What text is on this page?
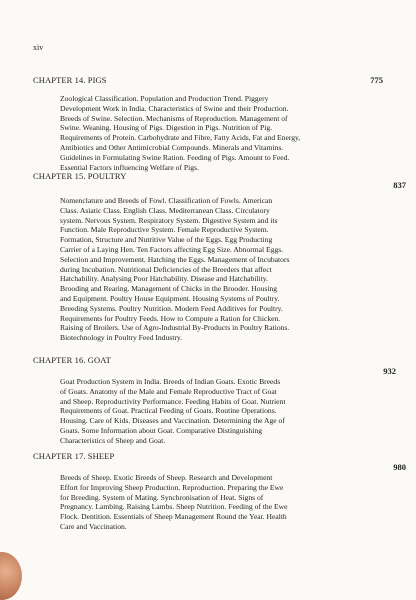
xiv
CHAPTER 14. PIGS	775
Zoological Classification. Population and Production Trend. Piggery
Development Work in India. Characteristics of Swine and their Production.
Breeds of Swine. Selection. Mechanisms of Reproduction. Management of
Swine. Weaning. Housing of Pigs. Digestion in Pigs. Nutrition of Pig.
Requirements of Protein. Carbohydrate and Fibre, Fatty Acids, Fat and Energy,
Antibiotics and Other Antimicrobial Compounds. Minerals and Vitamins.
Guidelines in Formulating Swine Ration. Feeding of Pigs. Amount to Feed.
Essential Factors influencing Welfare of Pigs.
CHAPTER 15. POULTRY
837
Nomenclature and Breeds of Fowl. Classification of Fowls. American
Class. Asiatic Class. English Class. Mediterranean Class. Circulatory
system. Nervous System. Respiratory System. Digestive System and its
Function. Male Reproductive System. Female Reproductive System.
Formation, Structure and Nutritive Value of the Eggs. Egg Producting
Carrier of a Laying Hen. Ten Factors affecting Egg Size. Abnormal Eggs.
Selection and Improvement. Hatching the Eggs. Management of Incubators
during Incubation. Nutritional Deficiencies of the Breeders that affect
Hatchability. Analysing Poor Hatchability. Disease and Hatchability.
Brooding and Rearing. Management of Chicks in the Brooder. Housing
and Equipment. Poultry House Equipment. Housing Systems of Poultry.
Breeding Systems. Poultry Nutrition. Modern Feed Additives for Poultry.
Requirements for Poultry Feeds. How to Compute a Ration for Chicken.
Raising of Broilers. Use of Agro-Industrial By-Products in Poultry Rations.
Biotechnology in Poultry Feed Industry.
CHAPTER 16. GOAT
932
Goat Production System in India. Breeds of Indian Goats. Exotic Breeds
of Goats. Anatomy of the Male and Female Reproductive Tract of Goat
and Sheep. Reproductivity Performance. Feeding Habits of Goat. Nutrient
Requirements of Goat. Practical Feeding of Goats. Routine Operations.
Housing. Care of Kids. Diseases and Vaccination. Determining the Age of
Goats. Some Information about Goat. Comparative Distinguishing
Characteristics of Sheep and Goat.
CHAPTER 17. SHEEP
980
Breeds of Sheep. Exotic Breeds of Sheep. Research and Development
Effort for Improving Sheep Production. Reproduction. Preparing the Ewe
for Breeding. System of Mating. Synchronisation of Heat. Signs of
Pregnancy. Lambing. Raising Lambs. Sheep Nutrition. Feeding of the Ewe
Flock. Dentition. Essentials of Sheep Management Round the Year. Health
Care and Vaccination.
